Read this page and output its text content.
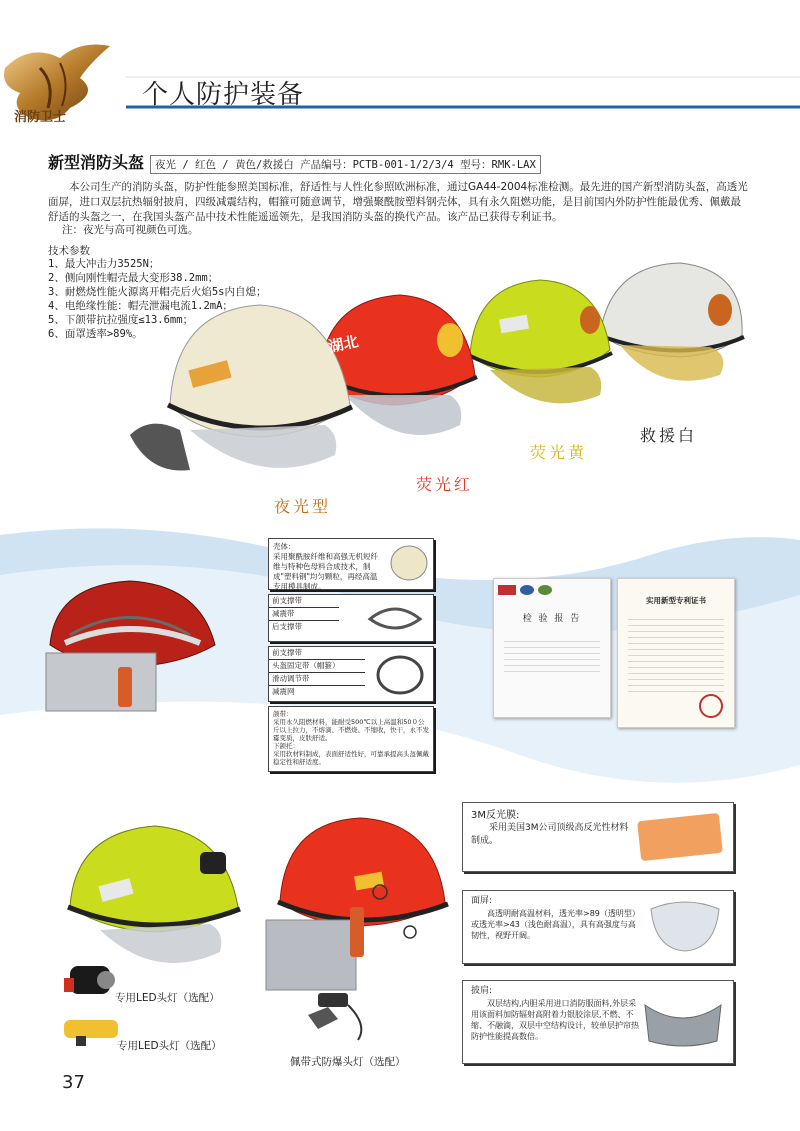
消防卫士
个人防护装备
新型消防头盔	夜光 / 红色 / 黄色/救援白 产品编号：PCTB-001-1/2/3/4 型号：RMK-LAX

本公司生产的消防头盔，防护性能参照美国标准，舒适性与人性化参照欧洲标准，通过GA44-2004标准检测。最先进的国产新型消防头盔，高透光面屏，进口双层抗热辐射披肩，四级减震结构，帽箍可随意调节，增强聚酰胺塑料钢壳体，具有永久阻燃功能，是目前国内外防护性能最优秀、佩戴最舒适的头盔之一，在我国头盔产品中技术性能遥遥领先，是我国消防头盔的换代产品。该产品已获得专利证书。

注：夜光与高可视颜色可选。
技术参数
1、最大冲击力3525N；
2、侧向刚性帽壳最大变形38.2mm；
3、耐燃烧性能火源离开帽壳后火焰5s内自熄；
4、电绝缘性能：帽壳泄漏电流1.2mA；
5、下颌带抗拉强度≤13.6mm；
6、面罩透率>89%。	湖北
救援白
荧光黄
荧光红
夜光型
壳体：
采用聚酰胺纤维和高强无机短纤维与特种色母料合成技术，制成"塑料钢"均匀颗粒，再经高温专用模具制成。
前支撑带
减震带
后支撑带
前支撑带
头盔固定带（帽箍）
滑动调节带
减震网
颌带：
采用永久阻燃材料，能耐受500℃以上高温和50０公斤以上拉力，不熔滴、不燃烧、不缩收，快干，永不发霉变质，皮肤舒适。
下颌托：
采用软材料制成，表面舒适性好，可靠承提高头盔佩戴稳定性和舒适度。
检 验 报 告
实用新型专利证书
专用LED头灯（选配）
专用LED头灯（选配）
佩带式防爆头灯（选配）
3M反光膜:
采用美国3M公司顶级高反光性材料制成。
面屏:
高透明耐高温材料，透光率>89（透明型）或透光率>43（浅色耐高温），具有高强度与高韧性，视野开阔。
披肩:
双层结构,内胆采用进口消防服面料,外层采用该面料加防辐射高附着力银胶涂层,不燃、不缩、不融滴，双层中空结构设计，较单层护帘热防护性能提高数倍。
37
